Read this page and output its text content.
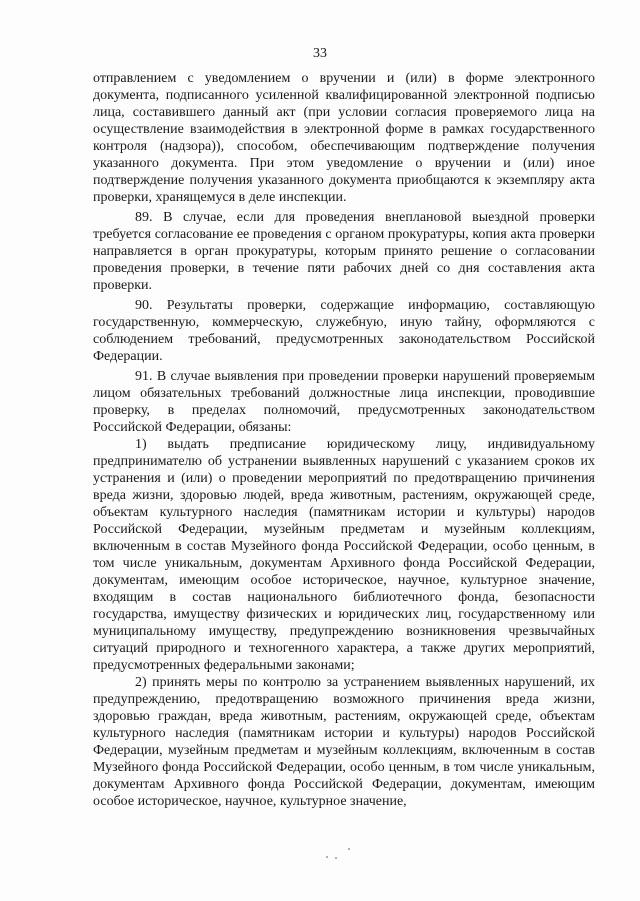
33

отправлением с уведомлением о вручении и (или) в форме электронного документа, подписанного усиленной квалифицированной электронной подписью лица, составившего данный акт (при условии согласия проверяемого лица на осуществление взаимодействия в электронной форме в рамках государственного контроля (надзора)), способом, обеспечивающим подтверждение получения указанного документа. При этом уведомление о вручении и (или) иное подтверждение получения указанного документа приобщаются к экземпляру акта проверки, хранящемуся в деле инспекции.

89. В случае, если для проведения внеплановой выездной проверки требуется согласование ее проведения с органом прокуратуры, копия акта проверки направляется в орган прокуратуры, которым принято решение о согласовании проведения проверки, в течение пяти рабочих дней со дня составления акта проверки.

90. Результаты проверки, содержащие информацию, составляющую государственную, коммерческую, служебную, иную тайну, оформляются с соблюдением требований, предусмотренных законодательством Российской Федерации.

91. В случае выявления при проведении проверки нарушений проверяемым лицом обязательных требований должностные лица инспекции, проводившие проверку, в пределах полномочий, предусмотренных законодательством Российской Федерации, обязаны:

1) выдать предписание юридическому лицу, индивидуальному предпринимателю об устранении выявленных нарушений с указанием сроков их устранения и (или) о проведении мероприятий по предотвращению причинения вреда жизни, здоровью людей, вреда животным, растениям, окружающей среде, объектам культурного наследия (памятникам истории и культуры) народов Российской Федерации, музейным предметам и музейным коллекциям, включенным в состав Музейного фонда Российской Федерации, особо ценным, в том числе уникальным, документам Архивного фонда Российской Федерации, документам, имеющим особое историческое, научное, культурное значение, входящим в состав национального библиотечного фонда, безопасности государства, имуществу физических и юридических лиц, государственному или муниципальному имуществу, предупреждению возникновения чрезвычайных ситуаций природного и техногенного характера, а также других мероприятий, предусмотренных федеральными законами;

2) принять меры по контролю за устранением выявленных нарушений, их предупреждению, предотвращению возможного причинения вреда жизни, здоровью граждан, вреда животным, растениям, окружающей среде, объектам культурного наследия (памятникам истории и культуры) народов Российской Федерации, музейным предметам и музейным коллекциям, включенным в состав Музейного фонда Российской Федерации, особо ценным, в том числе уникальным, документам Архивного фонда Российской Федерации, документам, имеющим особое историческое, научное, культурное значение,
